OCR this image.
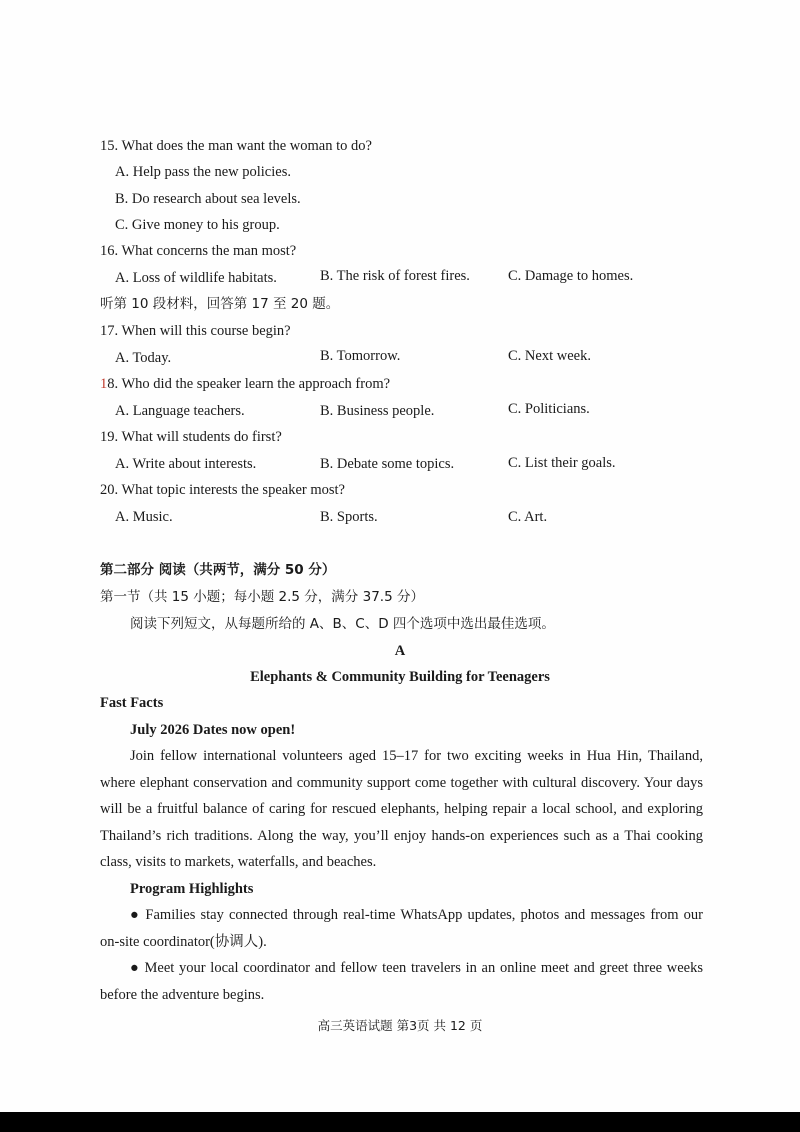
15. What does the man want the woman to do?
A. Help pass the new policies.
B. Do research about sea levels.
C. Give money to his group.
16. What concerns the man most?
A. Loss of wildlife habitats.	B. The risk of forest fires.	C. Damage to homes.
听第 10 段材料，回答第 17 至 20 题。
17. When will this course begin?
A. Today.	B. Tomorrow.	C. Next week.
18. Who did the speaker learn the approach from?
A. Language teachers.	B. Business people.	C. Politicians.
19. What will students do first?
A. Write about interests.	B. Debate some topics.	C. List their goals.
20. What topic interests the speaker most?
A. Music.	B. Sports.	C. Art.
第二部分 阅读（共两节，满分 50 分）
第一节（共 15 小题；每小题 2.5 分，满分 37.5 分）
阅读下列短文，从每题所给的 A、B、C、D 四个选项中选出最佳选项。
A
Elephants & Community Building for Teenagers
Fast Facts
July 2026 Dates now open!
Join fellow international volunteers aged 15–17 for two exciting weeks in Hua Hin, Thailand, where elephant conservation and community support come together with cultural discovery. Your days will be a fruitful balance of caring for rescued elephants, helping repair a local school, and exploring Thailand’s rich traditions. Along the way, you’ll enjoy hands-on experiences such as a Thai cooking class, visits to markets, waterfalls, and beaches.
Program Highlights
● Families stay connected through real-time WhatsApp updates, photos and messages from our on-site coordinator(协调人).
● Meet your local coordinator and fellow teen travelers in an online meet and greet three weeks before the adventure begins.
高三英语试题 第3页 共 12 页
